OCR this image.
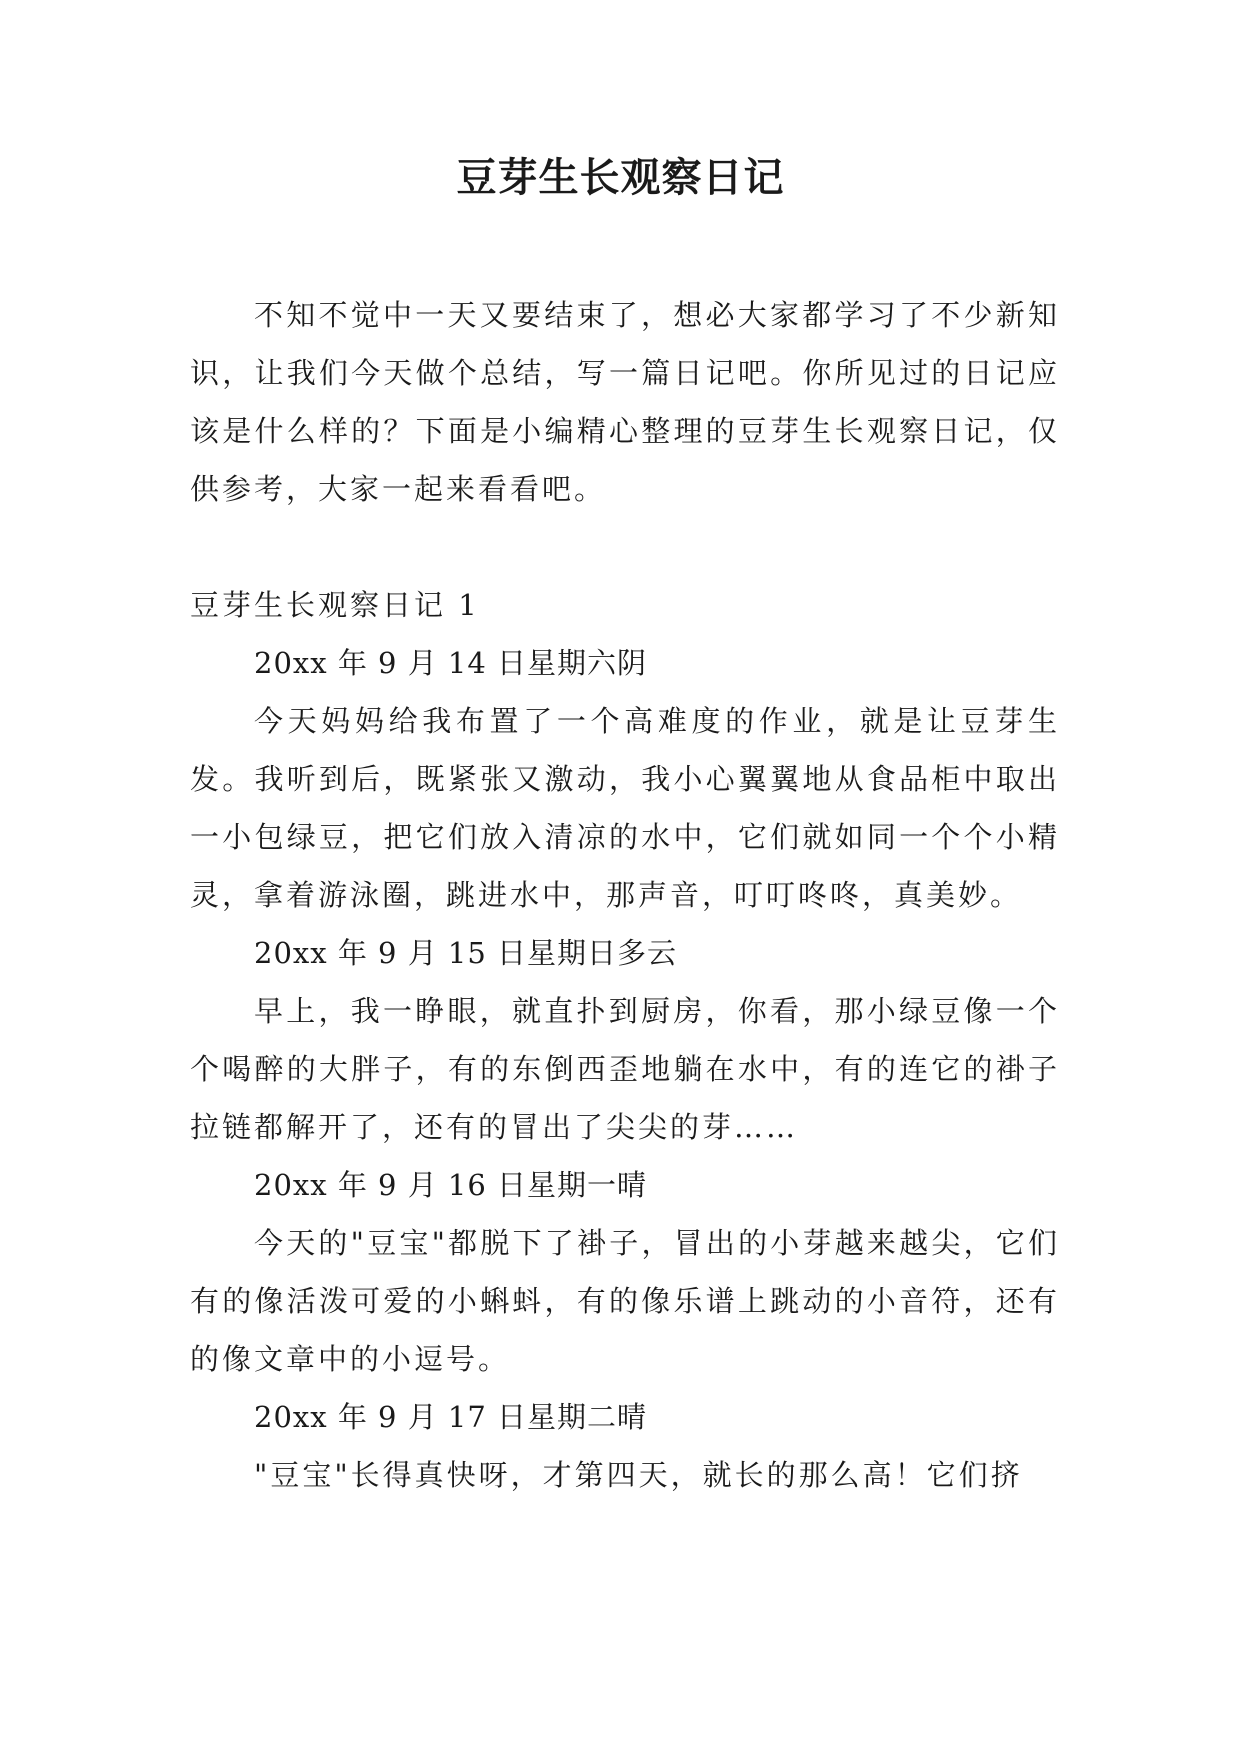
豆芽生长观察日记

不知不觉中一天又要结束了，想必大家都学习了不少新知识，让我们今天做个总结，写一篇日记吧。你所见过的日记应该是什么样的？下面是小编精心整理的豆芽生长观察日记，仅供参考，大家一起来看看吧。

豆芽生长观察日记 1

20xx 年 9 月 14 日星期六阴

今天妈妈给我布置了一个高难度的作业，就是让豆芽生发。我听到后，既紧张又激动，我小心翼翼地从食品柜中取出一小包绿豆，把它们放入清凉的水中，它们就如同一个个小精灵，拿着游泳圈，跳进水中，那声音，叮叮咚咚，真美妙。

20xx 年 9 月 15 日星期日多云

早上，我一睁眼，就直扑到厨房，你看，那小绿豆像一个个喝醉的大胖子，有的东倒西歪地躺在水中，有的连它的褂子拉链都解开了，还有的冒出了尖尖的芽……

20xx 年 9 月 16 日星期一晴

今天的"豆宝"都脱下了褂子，冒出的小芽越来越尖，它们有的像活泼可爱的小蝌蚪，有的像乐谱上跳动的小音符，还有的像文章中的小逗号。

20xx 年 9 月 17 日星期二晴

"豆宝"长得真快呀，才第四天，就长的那么高！它们挤
